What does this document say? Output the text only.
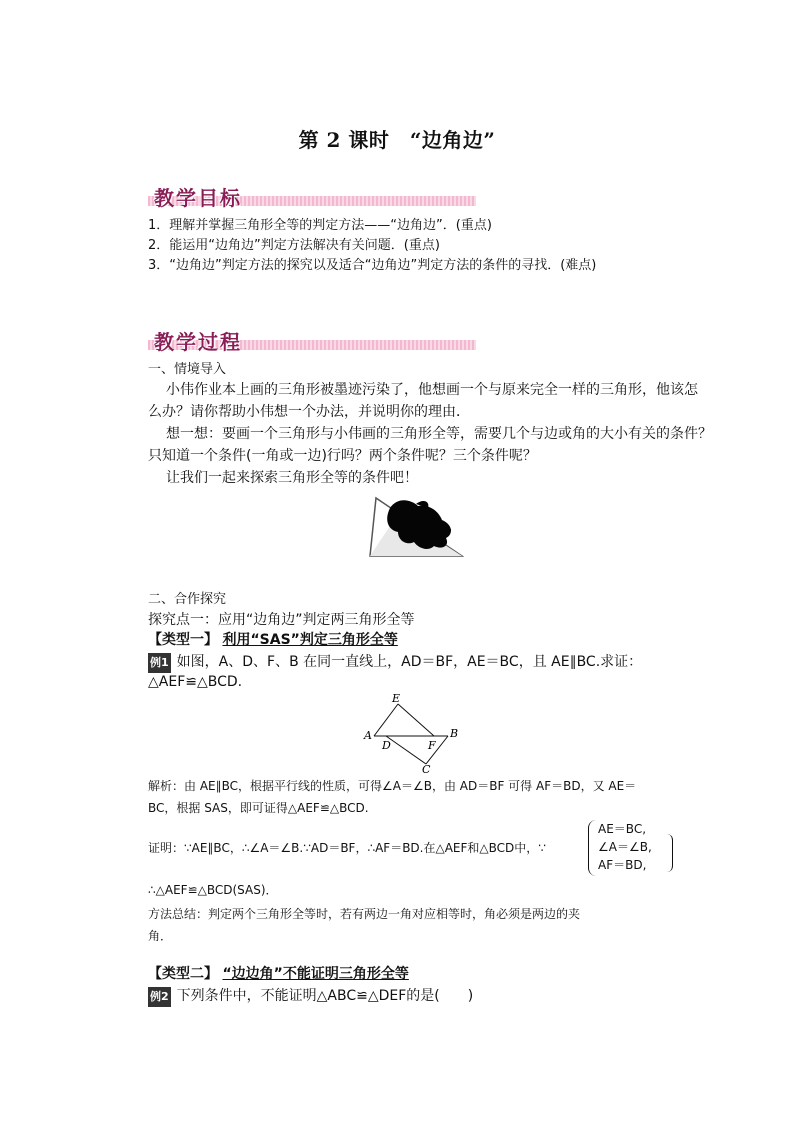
第 2 课时　“边角边”
教学目标
1．理解并掌握三角形全等的判定方法——“边角边”．(重点)
2．能运用“边角边”判定方法解决有关问题．(重点)
3．“边角边”判定方法的探究以及适合“边角边”判定方法的条件的寻找．(难点)
教学过程
一、情境导入
小伟作业本上画的三角形被墨迹污染了，他想画一个与原来完全一样的三角形，他该怎
么办？请你帮助小伟想一个办法，并说明你的理由．
想一想：要画一个三角形与小伟画的三角形全等，需要几个与边或角的大小有关的条件？
只知道一个条件(一角或一边)行吗？两个条件呢？三个条件呢？
让我们一起来探索三角形全等的条件吧！
二、合作探究
探究点一：应用“边角边”判定两三角形全等
【类型一】 利用“SAS”判定三角形全等
例1 如图，A、D、F、B 在同一直线上，AD＝BF，AE＝BC，且 AE∥BC.求证：
△AEF≌△BCD.
E
A
D	F
B
C
解析：由 AE∥BC，根据平行线的性质，可得∠A＝∠B，由 AD＝BF 可得 AF＝BD，又 AE＝
BC，根据 SAS，即可证得△AEF≌△BCD.
证明：∵AE∥BC，∴∠A＝∠B.∵AD＝BF，∴AF＝BD.在△AEF和△BCD中，∵
AE＝BC,
∠A＝∠B,
AF＝BD,
∴△AEF≌△BCD(SAS)．
方法总结：判定两个三角形全等时，若有两边一角对应相等时，角必须是两边的夹
角．
【类型二】 “边边角”不能证明三角形全等
例2 下列条件中，不能证明△ABC≌△DEF的是(　　)
